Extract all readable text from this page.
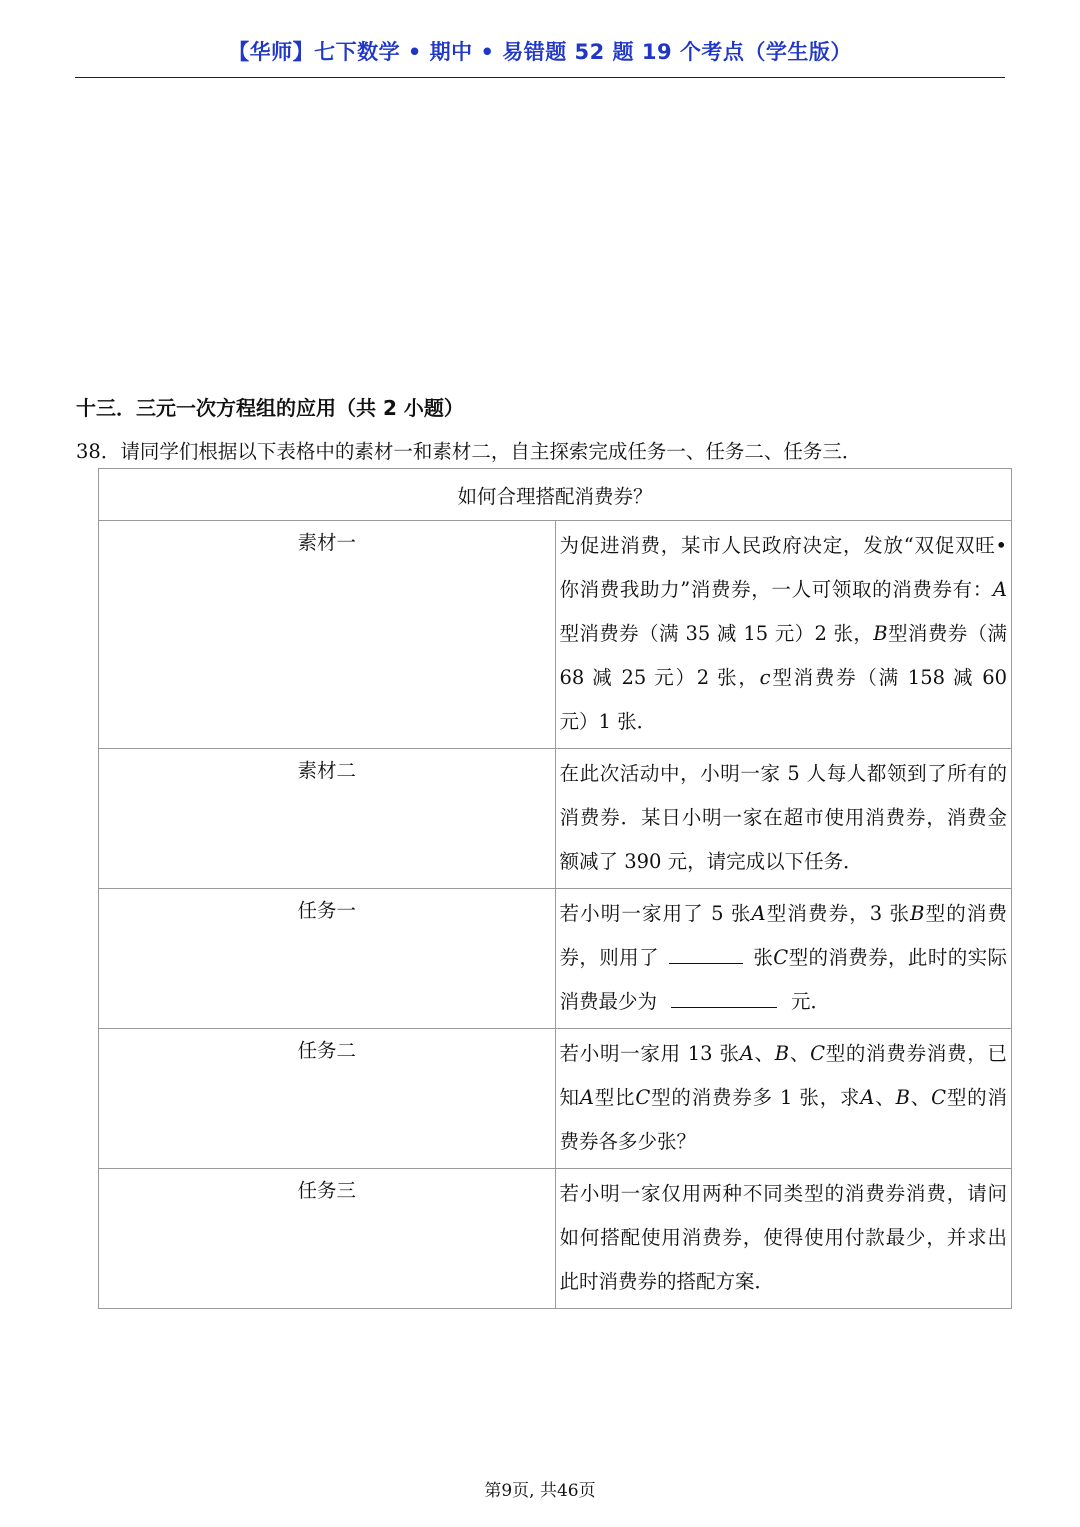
【华师】七下数学 • 期中 • 易错题 52 题 19 个考点（学生版）
十三．三元一次方程组的应用（共 2 小题）
38．请同学们根据以下表格中的素材一和素材二，自主探索完成任务一、任务二、任务三．
如何合理搭配消费券？	
素材一	为促进消费，某市人民政府决定，发放“双促双旺•你消费我助力”消费券，一人可领取的消费券有：A型消费券（满 35 减 15 元）2 张，B型消费券（满 68 减 25 元）2 张，c型消费券（满 158 减 60 元）1 张．
素材二	在此次活动中，小明一家 5 人每人都领到了所有的消费券．某日小明一家在超市使用消费券，消费金额减了 390 元，请完成以下任务．
任务一	若小明一家用了 5 张A型消费券，3 张B型的消费券，则用了 张C型的消费券，此时的实际消费最少为 元．
任务二	若小明一家用 13 张A、B、C型的消费券消费，已知A型比C型的消费券多 1 张，求A、B、C型的消费券各多少张？
任务三	若小明一家仅用两种不同类型的消费券消费，请问如何搭配使用消费券，使得使用付款最少，并求出此时消费券的搭配方案．
第9页, 共46页
